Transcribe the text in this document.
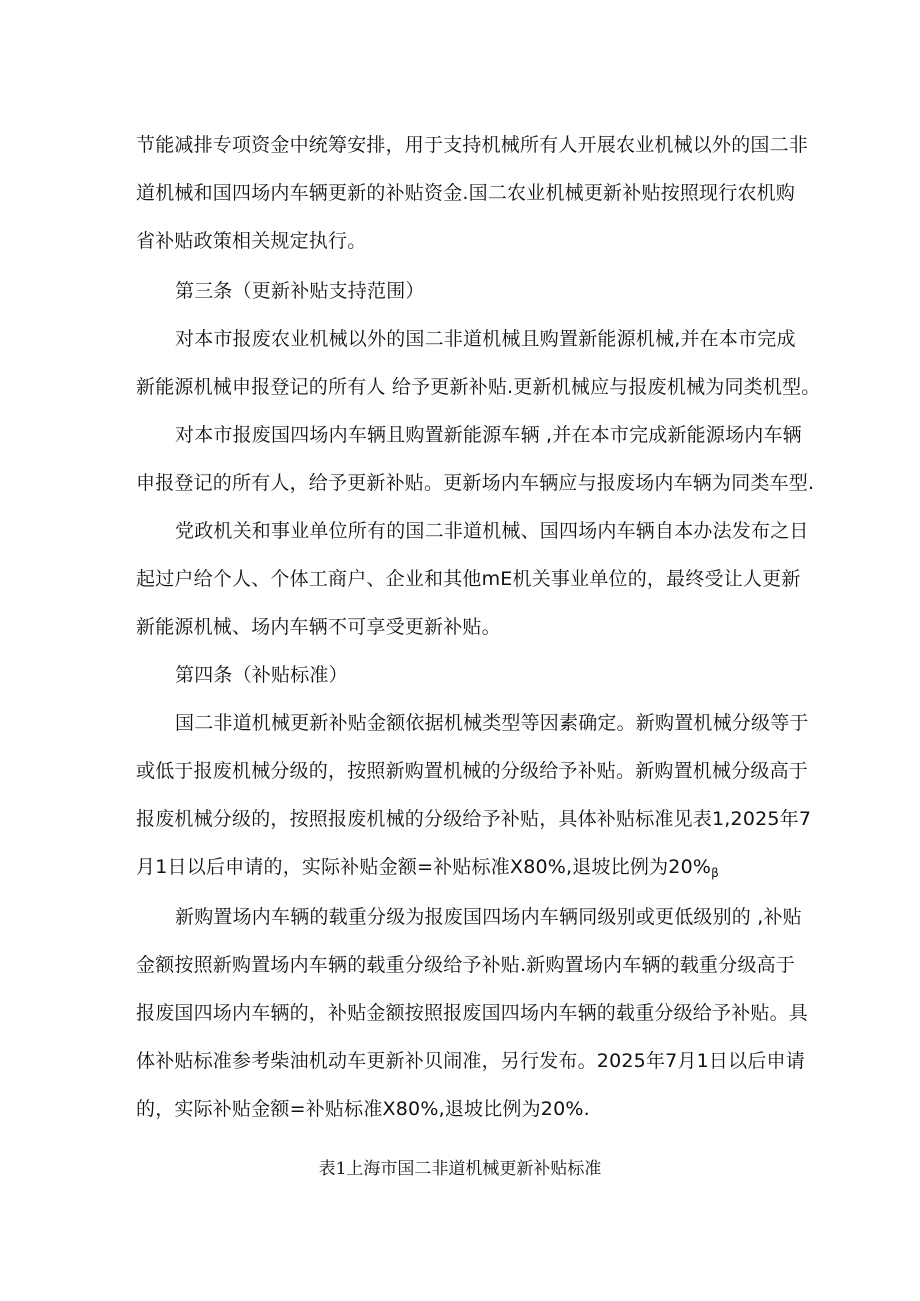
节能减排专项资金中统筹安排，用于支持机械所有人开展农业机械以外的国二非
道机械和国四场内车辆更新的补贴资金.国二农业机械更新补贴按照现行农机购
省补贴政策相关规定执行。
第三条（更新补贴支持范围）
对本市报废农业机械以外的国二非道机械且购置新能源机械,并在本市完成
新能源机械申报登记的所有人 给予更新补贴.更新机械应与报废机械为同类机型。
对本市报废国四场内车辆且购置新能源车辆 ,并在本市完成新能源场内车辆
申报登记的所有人，给予更新补贴。更新场内车辆应与报废场内车辆为同类车型.
党政机关和事业单位所有的国二非道机械、国四场内车辆自本办法发布之日
起过户给个人、个体工商户、企业和其他mE机关事业单位的，最终受让人更新
新能源机械、场内车辆不可享受更新补贴。
第四条（补贴标准）
国二非道机械更新补贴金额依据机械类型等因素确定。新购置机械分级等于
或低于报废机械分级的，按照新购置机械的分级给予补贴。新购置机械分级高于
报废机械分级的，按照报废机械的分级给予补贴，具体补贴标准见表1,2025年7
月1日以后申请的，实际补贴金额=补贴标准X80%,退坡比例为$20\%_\beta$
新购置场内车辆的载重分级为报废国四场内车辆同级别或更低级别的 ,补贴
金额按照新购置场内车辆的载重分级给予补贴.新购置场内车辆的载重分级高于
报废国四场内车辆的，补贴金额按照报废国四场内车辆的载重分级给予补贴。具
体补贴标准参考柴油机动车更新补贝闹准，另行发布。2025年7月1日以后申请
的，实际补贴金额=补贴标准X80%,退坡比例为20%.
表1上海市国二非道机械更新补贴标准
